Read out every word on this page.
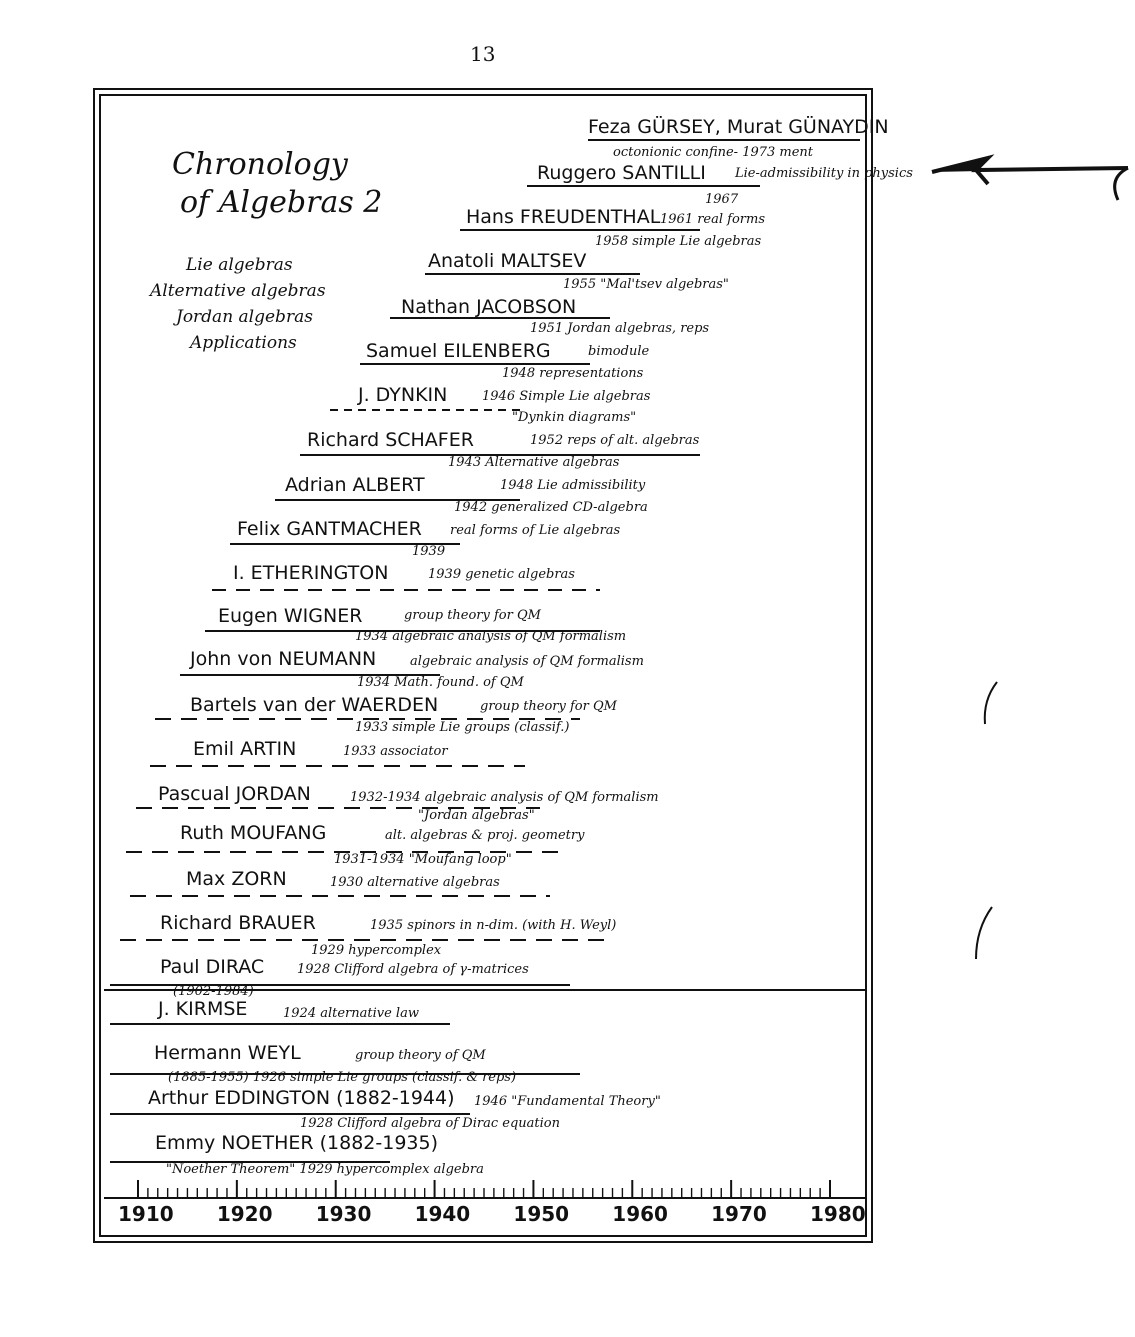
13
Chronology
of Algebras 2
Lie algebras
Alternative algebras
Jordan algebras
Applications
Feza GÜRSEY, Murat GÜNAYDIN
octonionic confine- 1973 ment
Ruggero SANTILLI Lie-admissibility in physics
1967
Hans FREUDENTHAL 1961 real forms
1958 simple Lie algebras
Anatoli MALTSEV
1955 "Mal'tsev algebras"
Nathan JACOBSON
1951 Jordan algebras, reps
Samuel EILENBERG	bimodule
1948 representations
J. DYNKIN	1946 Simple Lie algebras
"Dynkin diagrams"
Richard SCHAFER	1952 reps of alt. algebras
1943 Alternative algebras
Adrian ALBERT	1948 Lie admissibility
1942 generalized CD-algebra
Felix GANTMACHER real forms of Lie algebras
1939
I. ETHERINGTON	1939 genetic algebras
Eugen WIGNER	group theory for QM
1934 algebraic analysis of QM formalism
John von NEUMANN	algebraic analysis of QM formalism
1934 Math. found. of QM
Bartels van der WAERDEN	group theory for QM
1933 simple Lie groups (classif.)
Emil ARTIN	1933 associator
Pascual JORDAN	1932-1934 algebraic analysis of QM formalism
"Jordan algebras"
Ruth MOUFANG	alt. algebras & proj. geometry
1931-1934 "Moufang loop"
Max ZORN	1930 alternative algebras
Richard BRAUER	1935 spinors in n-dim. (with H. Weyl)
1929 hypercomplex
Paul DIRAC	1928 Clifford algebra of γ-matrices
(1902-1984)
J. KIRMSE	1924 alternative law
Hermann WEYL	group theory of QM
(1885-1955) 1926 simple Lie groups (classif. & reps)
Arthur EDDINGTON (1882-1944) 1946 "Fundamental Theory"
1928 Clifford algebra of Dirac equation
Emmy NOETHER (1882-1935)
"Noether Theorem" 1929 hypercomplex algebra
1910 1920 1930 1940 1950 1960 1970 1980
